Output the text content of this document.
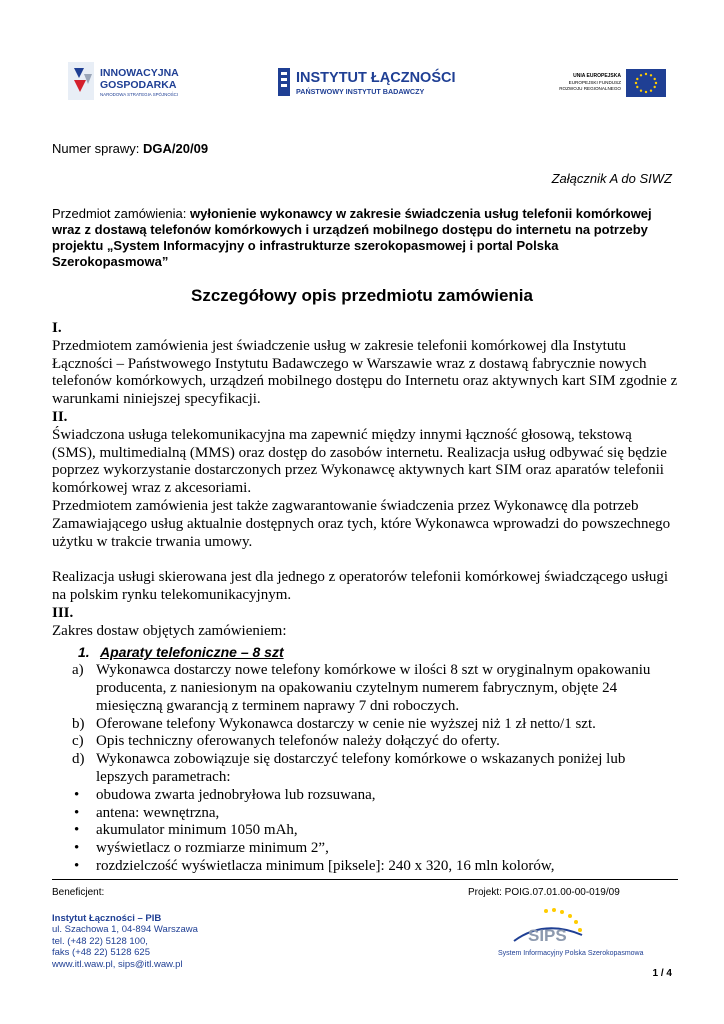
INNOWACYJNA
GOSPODARKA
NARODOWA STRATEGIA SPÓJNOŚCI
INSTYTUT ŁĄCZNOŚCI
PAŃSTWOWY INSTYTUT BADAWCZY
UNIA EUROPEJSKA
EUROPEJSKI FUNDUSZ
ROZWOJU REGIONALNEGO
Numer sprawy: DGA/20/09
Załącznik A do SIWZ
Przedmiot zamówienia: wyłonienie wykonawcy w zakresie świadczenia usług telefonii komórkowej wraz z dostawą telefonów komórkowych i urządzeń mobilnego dostępu do internetu na potrzeby projektu „System Informacyjny o infrastrukturze szerokopasmowej i portal Polska Szerokopasmowa”
Szczegółowy opis przedmiotu zamówienia

I.

Przedmiotem zamówienia jest świadczenie usług w zakresie telefonii komórkowej dla Instytutu Łączności – Państwowego Instytutu Badawczego w Warszawie wraz z dostawą fabrycznie nowych telefonów komórkowych, urządzeń mobilnego dostępu do Internetu oraz aktywnych kart SIM zgodnie z warunkami niniejszej specyfikacji.

II.

Świadczona usługa telekomunikacyjna ma zapewnić między innymi łączność głosową, tekstową (SMS), multimedialną (MMS) oraz dostęp do zasobów internetu. Realizacja usług odbywać się będzie poprzez wykorzystanie dostarczonych przez Wykonawcę aktywnych kart SIM oraz aparatów telefonii komórkowej wraz z akcesoriami.

Przedmiotem zamówienia jest także zagwarantowanie świadczenia przez Wykonawcę dla potrzeb Zamawiającego usług aktualnie dostępnych oraz tych, które Wykonawca wprowadzi do powszechnego użytku w trakcie trwania umowy.

Realizacja usługi skierowana jest dla jednego z operatorów telefonii komórkowej świadczącego usługi na polskim rynku telekomunikacyjnym.

III.

Zakres dostaw objętych zamówieniem:

1. Aparaty telefoniczne – 8 szt

a) Wykonawca dostarczy nowe telefony komórkowe w ilości 8 szt w oryginalnym opakowaniu producenta, z naniesionym na opakowaniu czytelnym numerem fabrycznym, objęte 24 miesięczną gwarancją z terminem naprawy 7 dni roboczych.
b) Oferowane telefony Wykonawca dostarczy w cenie nie wyższej niż 1 zł netto/1 szt.
c) Opis techniczny oferowanych telefonów należy dołączyć do oferty.
d) Wykonawca zobowiązuje się dostarczyć telefony komórkowe o wskazanych poniżej lub lepszych parametrach:
• obudowa zwarta jednobryłowa lub rozsuwana,
• antena: wewnętrzna,
• akumulator minimum 1050 mAh,
• wyświetlacz o rozmiarze minimum 2”,
• rozdzielczość wyświetlacza minimum [piksele]: 240 x 320, 16 mln kolorów,
Beneficjent:	Projekt: POIG.07.01.00-00-019/09
Instytut Łączności – PIB
ul. Szachowa 1, 04-894 Warszawa
tel. (+48 22) 5128 100,
faks (+48 22) 5128 625
www.itl.waw.pl, sips@itl.waw.pl
SIPS
System Informacyjny Polska Szerokopasmowa
1 / 4
